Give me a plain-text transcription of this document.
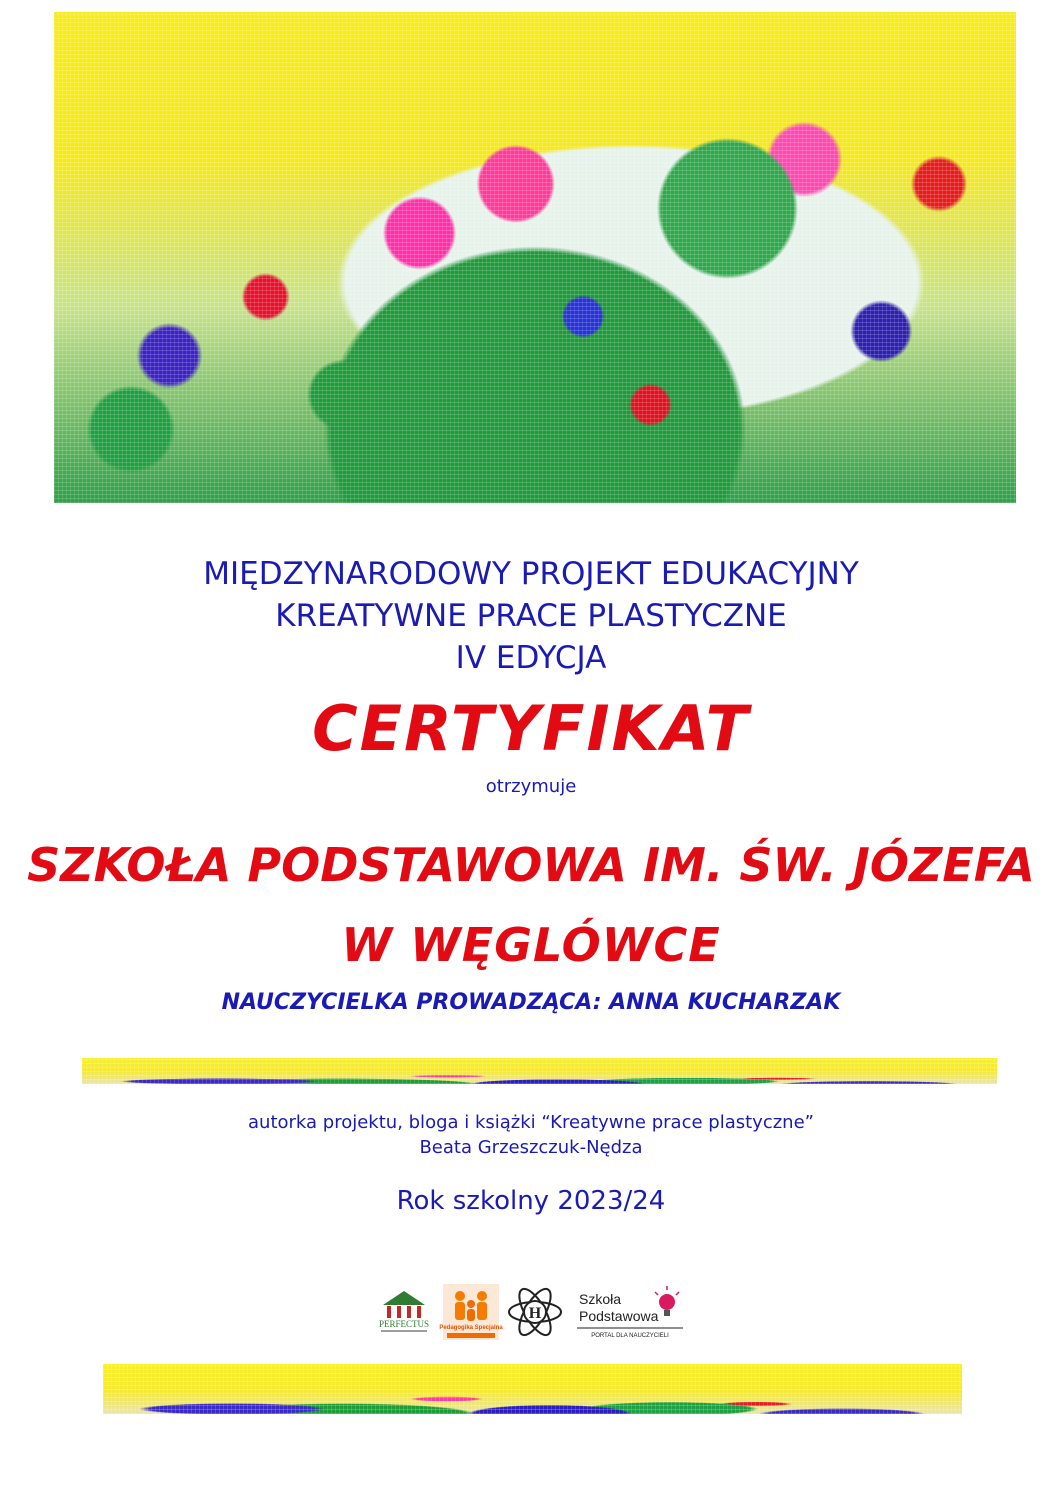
MIĘDZYNARODOWY PROJEKT EDUKACYJNY

KREATYWNE PRACE PLASTYCZNE

IV EDYCJA

CERTYFIKAT

otrzymuje

SZKOŁA PODSTAWOWA IM. ŚW. JÓZEFA

W WĘGLÓWCE

NAUCZYCIELKA PROWADZĄCA: ANNA KUCHARZAK

autorka projektu, bloga i książki “Kreatywne prace plastyczne”

Beata Grzeszczuk-Nędza

Rok szkolny 2023/24

PERFECTUS Pedagogika Specjalna
H
Szkoła
Podstawowa
PORTAL DLA NAUCZYCIELI
